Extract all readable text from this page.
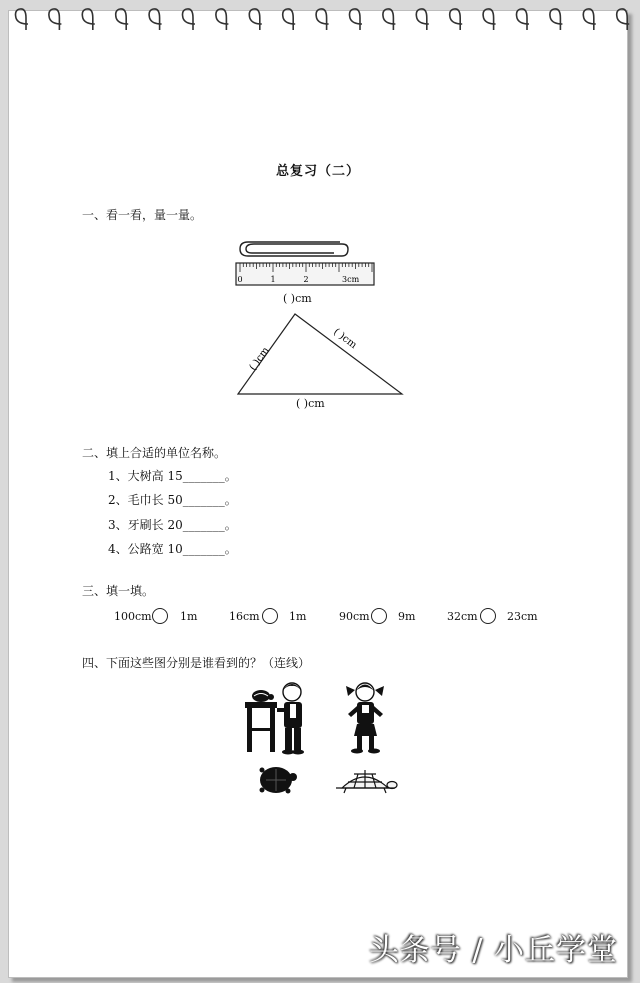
总复习（二）
一、看一看，量一量。
0	1	2	3cm
( )cm
( )cm
( )cm
( )cm
二、填上合适的单位名称。
1、大树高 15_______。
2、毛巾长 50_______。
3、牙刷长 20_______。
4、公路宽 10_______。
三、填一填。
100cm	1m	16cm	1m	90cm	9m	32cm	23cm
四、下面这些图分别是谁看到的？（连线）
头条号 / 小丘学堂
